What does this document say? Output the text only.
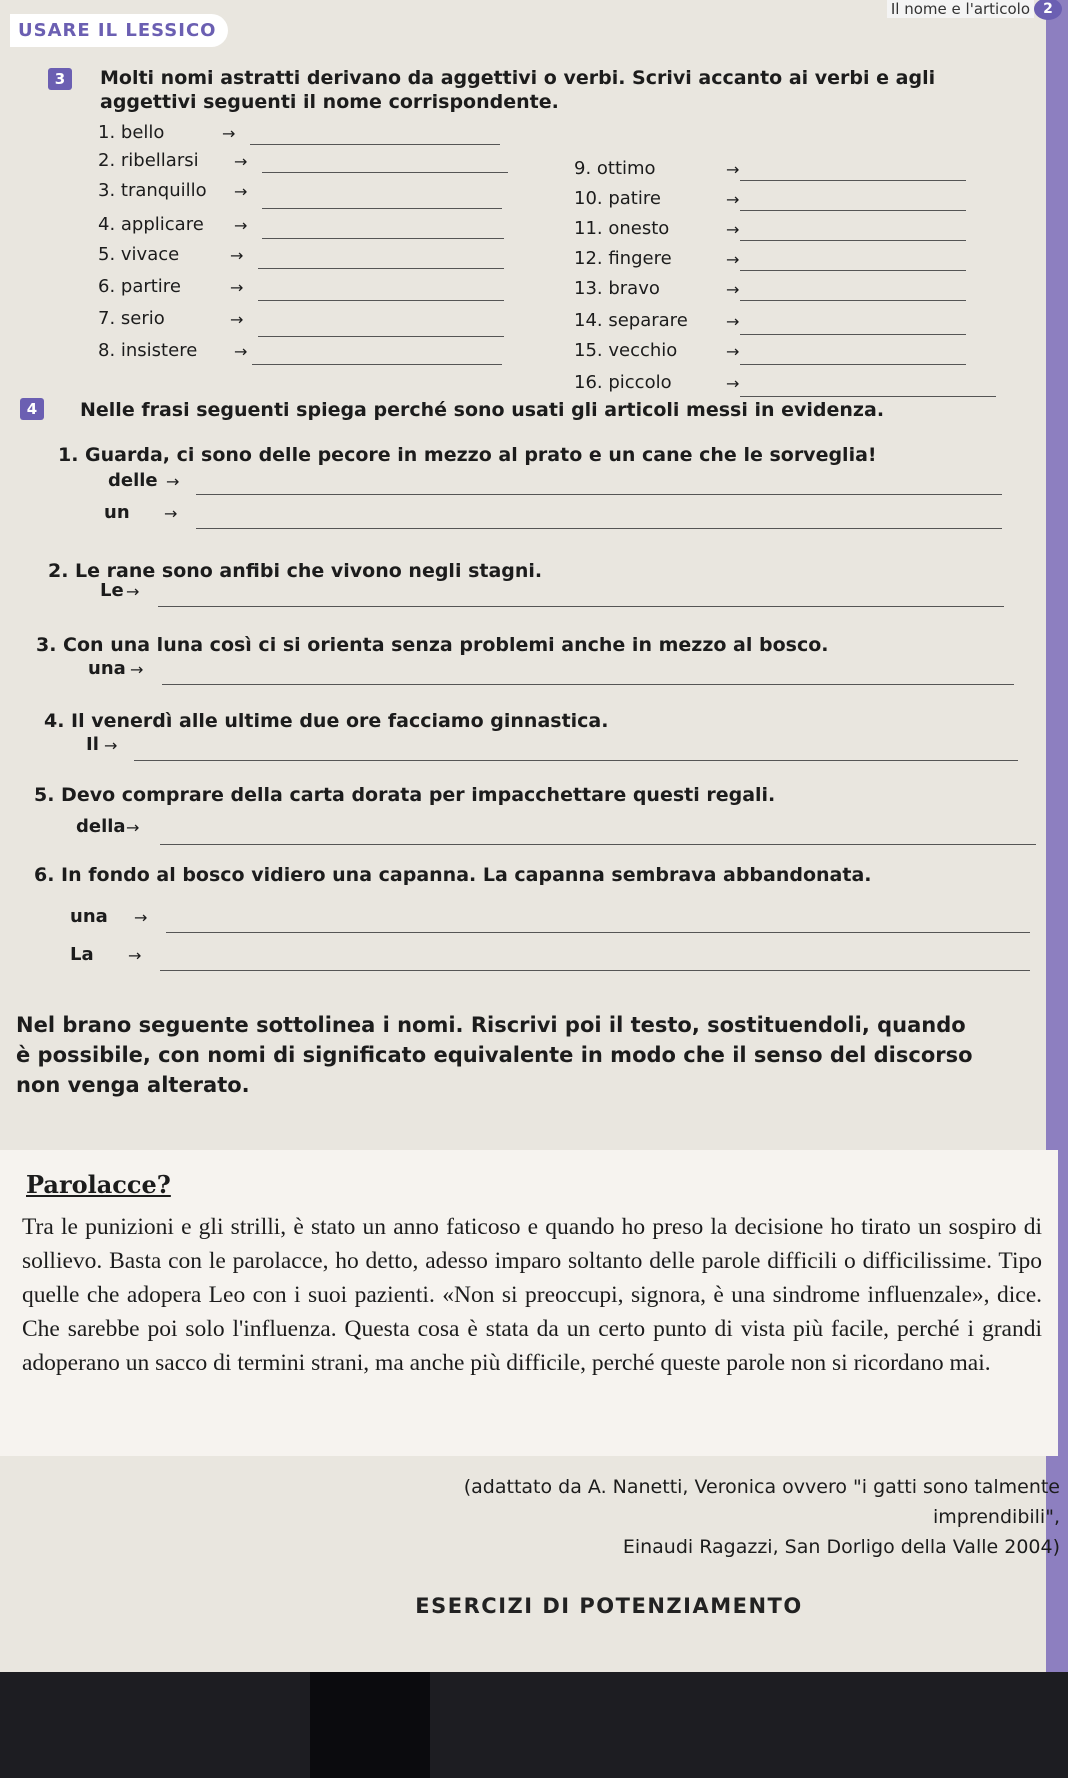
Il nome e l'articolo 2
USARE IL LESSICO
3	Molti nomi astratti derivano da aggettivi o verbi. Scrivi accanto ai verbi e agli aggettivi seguenti il nome corrispondente.
1. bello
2. ribellarsi
3. tranquillo
4. applicare
5. vivace
6. partire
7. serio
8. insistere
→
→
→
→
→
→
→
→
9. ottimo
10. patire
11. onesto
12. fingere
13. bravo
14. separare
15. vecchio
16. piccolo
→
→
→
→
→
→
→
→
4	Nelle frasi seguenti spiega perché sono usati gli articoli messi in evidenza.
1. Guarda, ci sono delle pecore in mezzo al prato e un cane che le sorveglia!
delle →
un →
2. Le rane sono anfibi che vivono negli stagni.
Le →
3. Con una luna così ci si orienta senza problemi anche in mezzo al bosco.
una →
4. Il venerdì alle ultime due ore facciamo ginnastica.
Il →
5. Devo comprare della carta dorata per impacchettare questi regali.
della →
6. In fondo al bosco vidiero una capanna. La capanna sembrava abbandonata.
una →
La →
Nel brano seguente sottolinea i nomi. Riscrivi poi il testo, sostituendoli, quando è possibile, con nomi di significato equivalente in modo che il senso del discorso non venga alterato.
Parolacce?
Tra le punizioni e gli strilli, è stato un anno faticoso e quando ho preso la decisione ho tirato un sospiro di sollievo. Basta con le parolacce, ho detto, adesso imparo soltanto delle parole difficili o difficilissime. Tipo quelle che adopera Leo con i suoi pazienti. «Non si preoccupi, signora, è una sindrome influenzale», dice. Che sarebbe poi solo l'influenza. Questa cosa è stata da un certo punto di vista più facile, perché i grandi adoperano un sacco di termini strani, ma anche più difficile, perché queste parole non si ricordano mai.
(adattato da A. Nanetti, Veronica ovvero "i gatti sono talmente imprendibili",
Einaudi Ragazzi, San Dorligo della Valle 2004)
ESERCIZI DI POTENZIAMENTO
